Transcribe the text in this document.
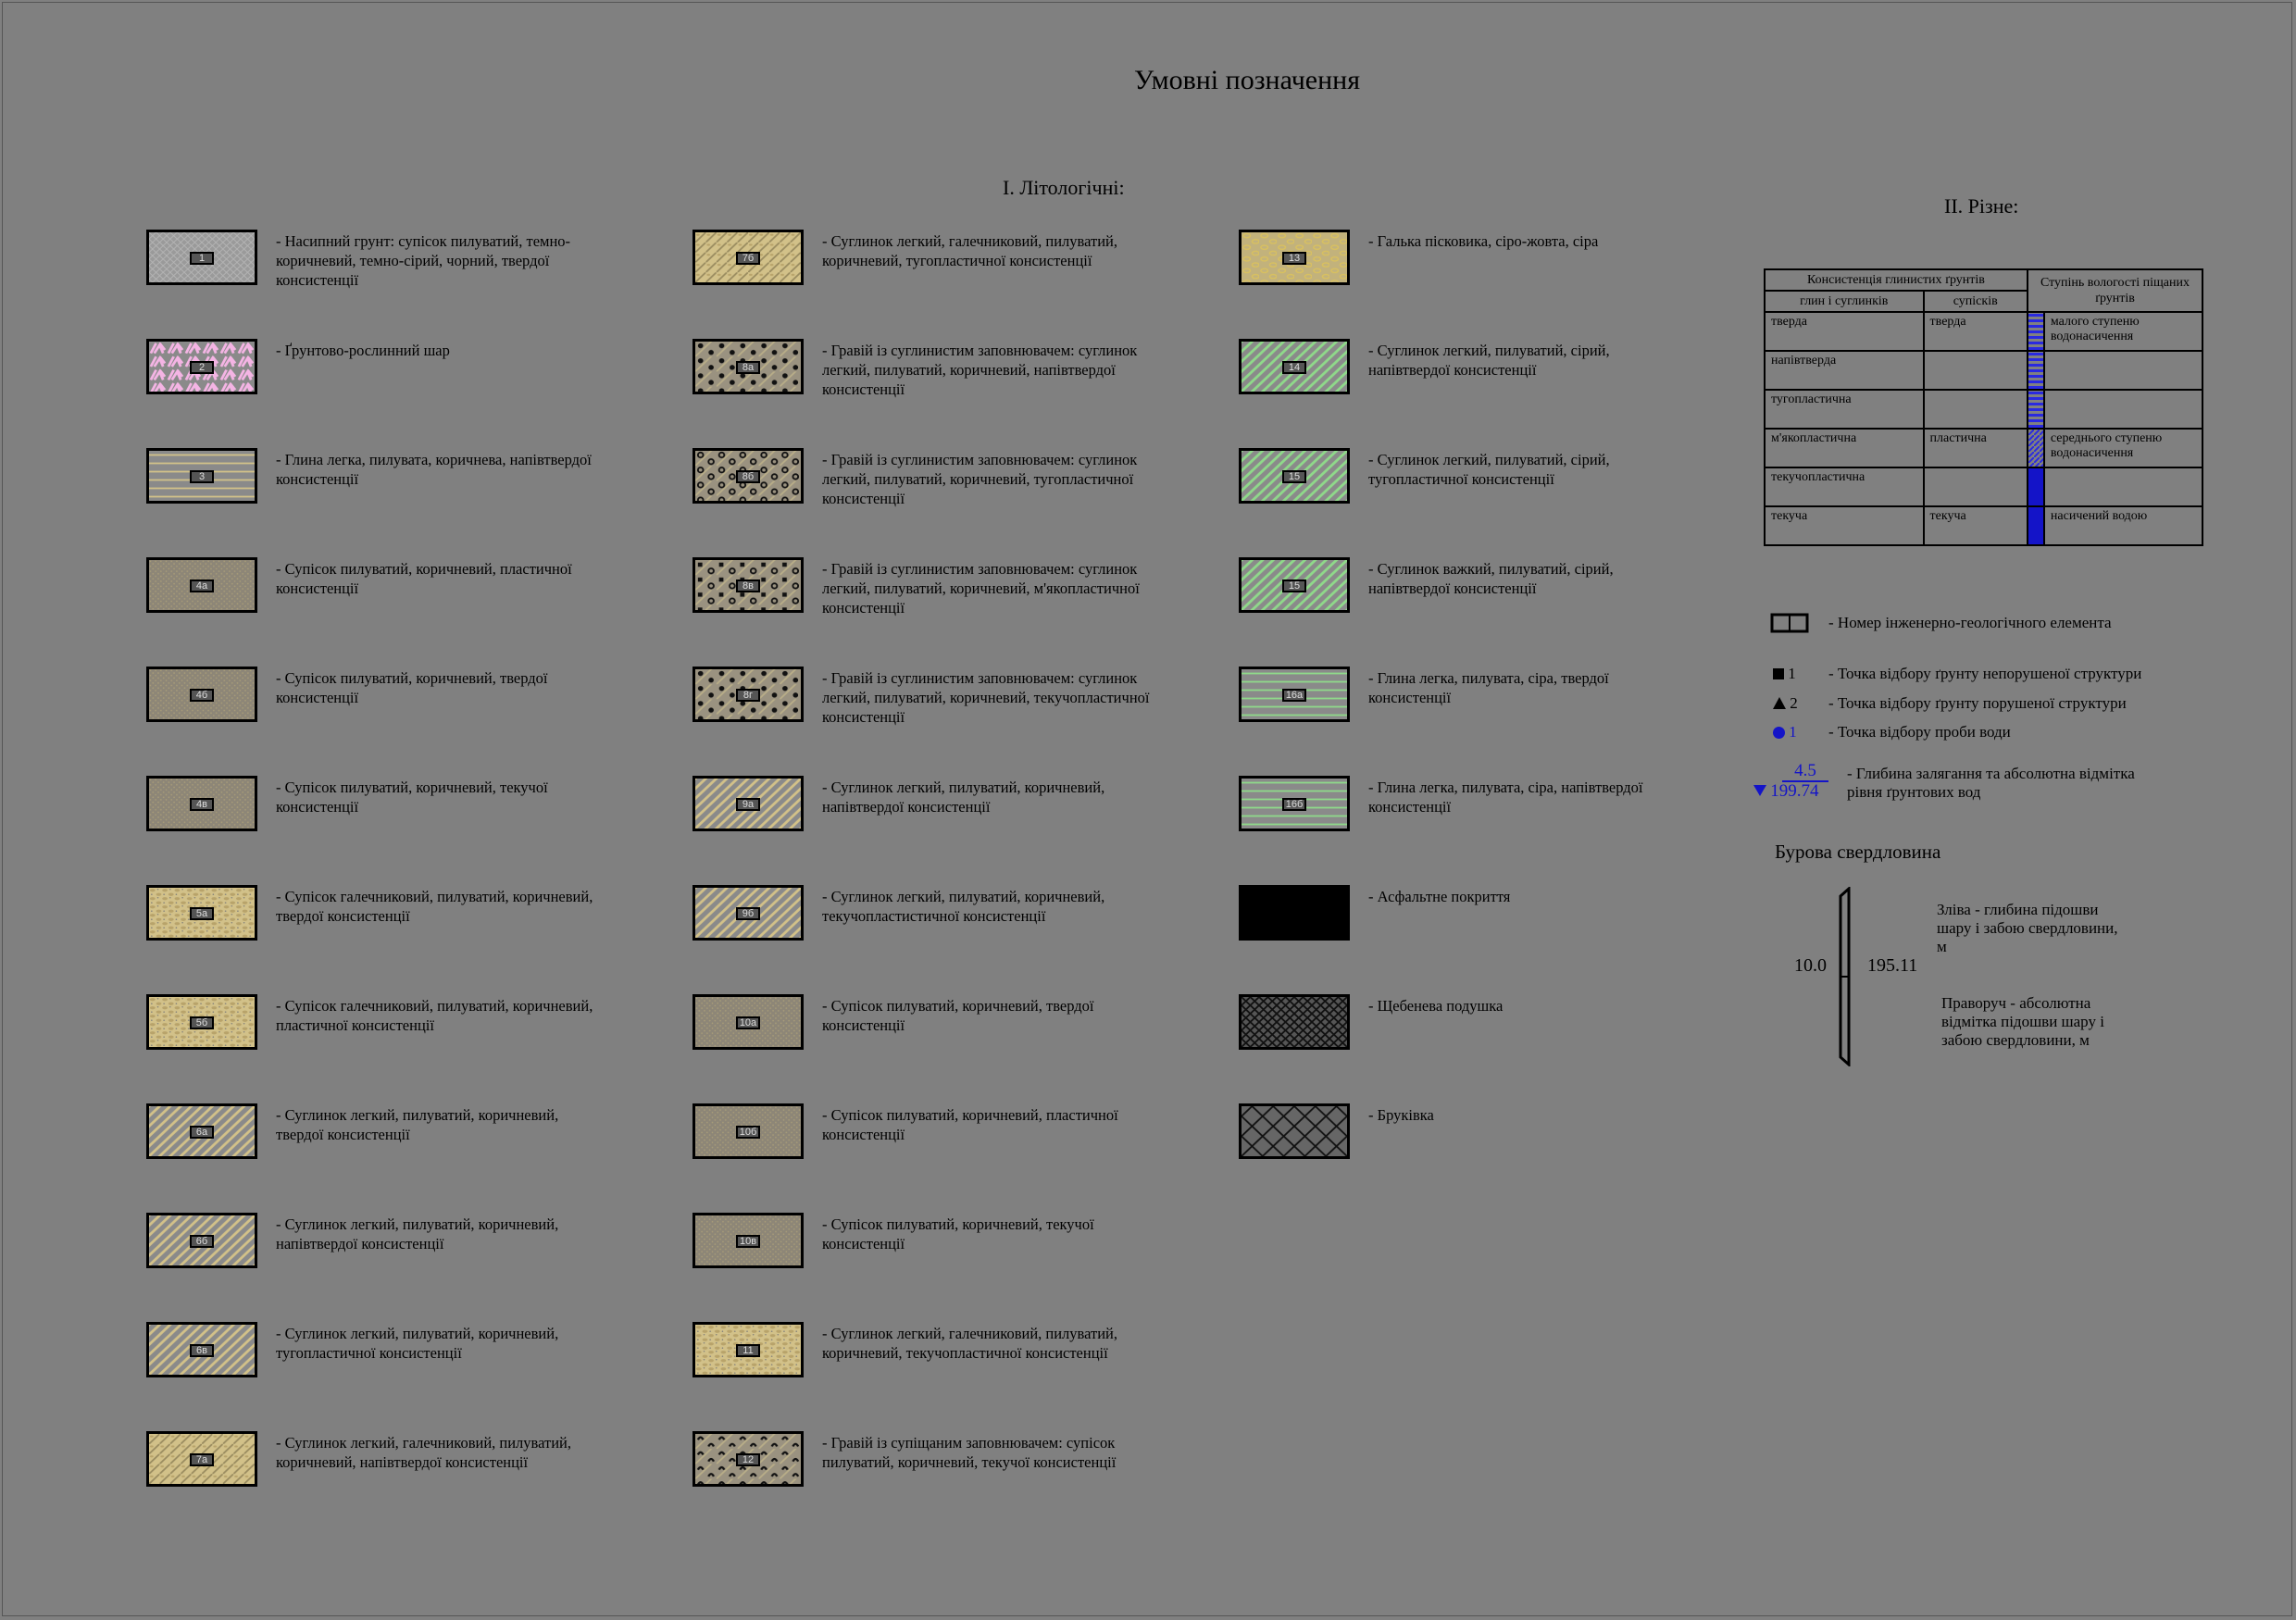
Умовні позначення
І. Літологічні:
ІІ. Різне:
1
- Насипний грунт: супісок пилуватий, темно-коричневий, темно-сірий, чорний, твердої консистенції
2
- Ґрунтово-рослинний шар
3
- Глина легка, пилувата, коричнева, напівтвердої консистенції
4а
- Супісок пилуватий, коричневий, пластичної консистенції
4б
- Супісок пилуватий, коричневий, твердої консистенції
4в
- Супісок пилуватий, коричневий, текучої консистенції
5а
- Супісок галечниковий, пилуватий, коричневий, твердої консистенції
5б
- Супісок галечниковий, пилуватий, коричневий, пластичної консистенції
6а
- Суглинок легкий, пилуватий, коричневий, твердої консистенції
6б
- Суглинок легкий, пилуватий, коричневий, напівтвердої консистенції
6в
- Суглинок легкий, пилуватий, коричневий, тугопластичної консистенції
7а
- Суглинок легкий, галечниковий, пилуватий, коричневий, напівтвердої консистенції
7б
- Суглинок легкий, галечниковий, пилуватий, коричневий, тугопластичної консистенції
8а
- Гравій із суглинистим заповнювачем: суглинок легкий, пилуватий, коричневий, напівтвердої консистенції
8б
- Гравій із суглинистим заповнювачем: суглинок легкий, пилуватий, коричневий, тугопластичної консистенції
8в
- Гравій із суглинистим заповнювачем: суглинок легкий, пилуватий, коричневий, м'якопластичної консистенції
8г
- Гравій із суглинистим заповнювачем: суглинок легкий, пилуватий, коричневий, текучопластичної консистенції
9а
- Суглинок легкий, пилуватий, коричневий, напівтвердої консистенції
9б
- Суглинок легкий, пилуватий, коричневий, текучопластистичної консистенції
10а
- Супісок пилуватий, коричневий, твердої консистенції
10б
- Супісок пилуватий, коричневий, пластичної консистенції
10в
- Супісок пилуватий, коричневий, текучої консистенції
11
- Суглинок легкий, галечниковий, пилуватий, коричневий, текучопластичної консистенції
12
- Гравій із супіщаним заповнювачем: супісок пилуватий, коричневий, текучої консистенції
13
- Галька пісковика, сіро-жовта, сіра
14
- Суглинок легкий, пилуватий, сірий, напівтвердої консистенції
15
- Суглинок легкий, пилуватий, сірий, тугопластичної консистенції
15
- Суглинок важкий, пилуватий, сірий, напівтвердої консистенції
16а
- Глина легка, пилувата, сіра, твердої консистенції
16б
- Глина легка, пилувата, сіра, напівтвердої консистенції
- Асфальтне покриття
- Щебенева подушка
- Бруківка
Консистенція глинистих ґрунтів		Ступінь вологості піщаних ґрунтів	
глин і суглинків	супісків		
тверда	тверда		малого ступеню водонасичення
напівтверда		

тугопластична		

м'якопластична	пластична		середнього ступеню водонасичення
текучопластична		

текуча	текуча		насичений водою
- Номер інженерно-геологічного елемента
1 - Точка відбору ґрунту непорушеної структури
2 - Точка відбору ґрунту порушеної структури
1 - Точка відбору проби води
4.5
199.74
- Глибина залягання та абсолютна відмітка рівня ґрунтових вод
Бурова свердловина
10.0 195.11
Зліва - глибина підошви шару і забою свердловини, м
Праворуч - абсолютна відмітка підошви шару і забою свердловини, м
